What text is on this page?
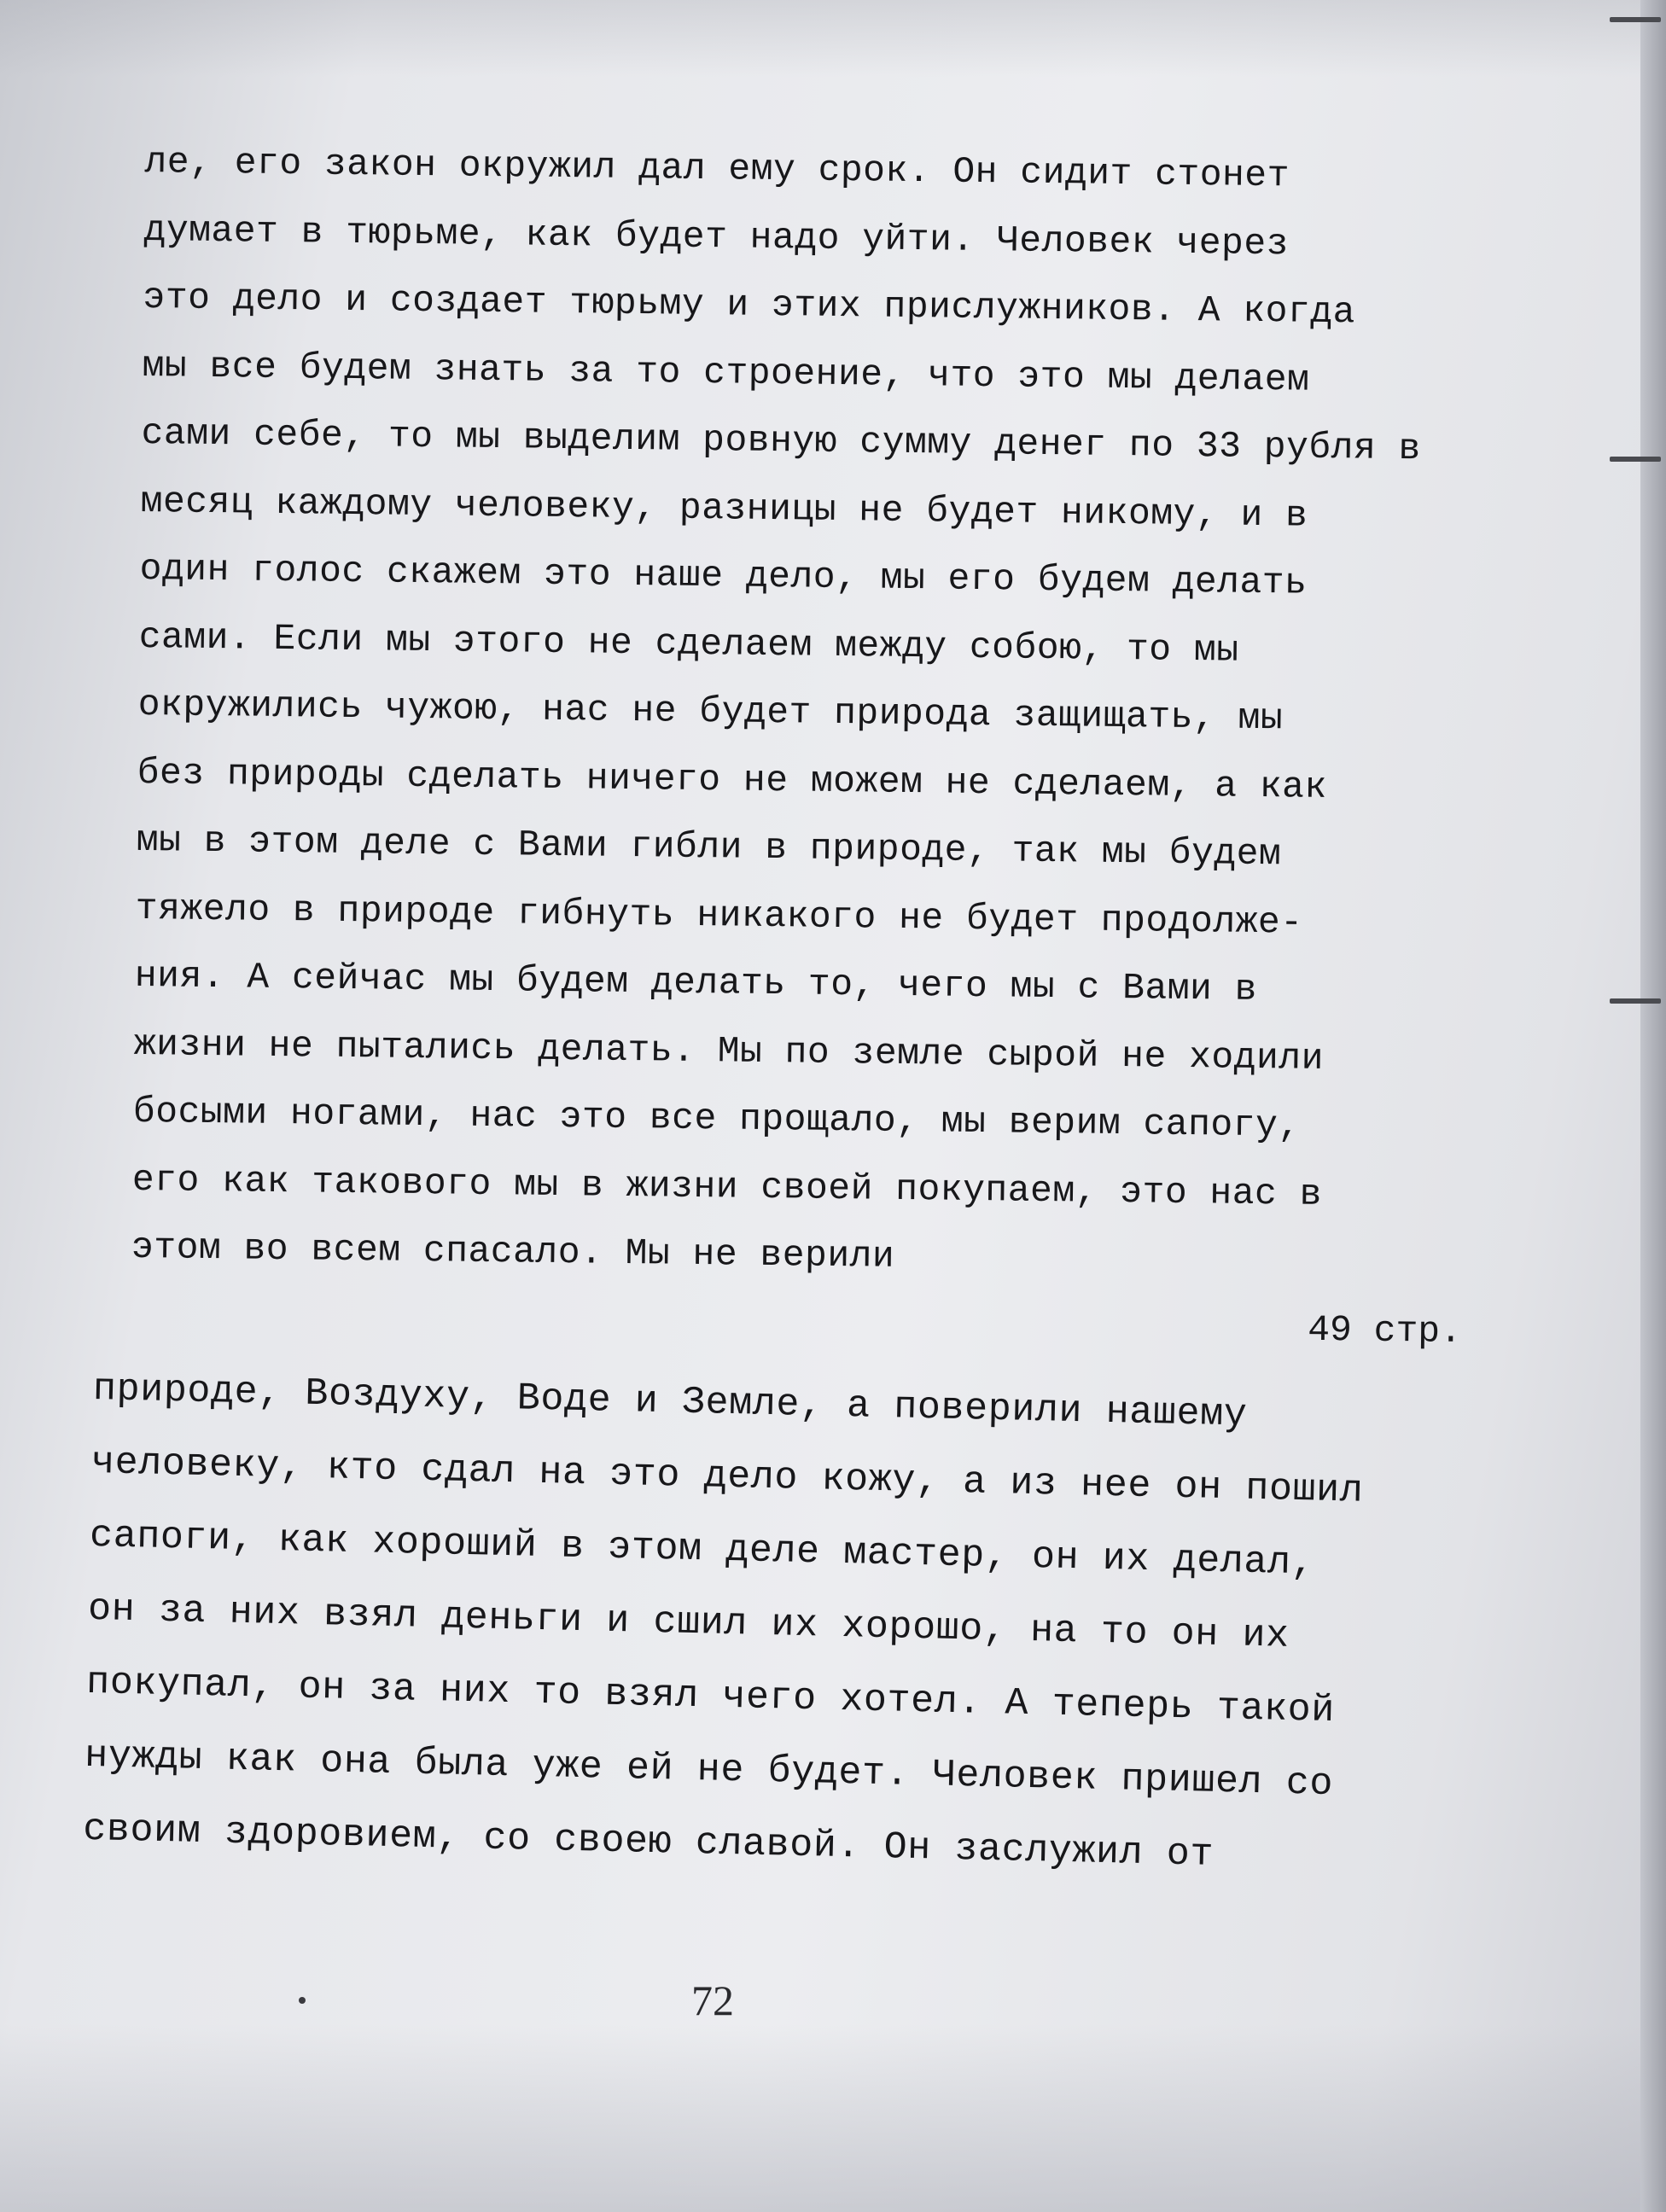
ле, его закон окружил дал ему срок. Он сидит стонет
думает в тюрьме, как будет надо уйти. Человек через
это дело и создает тюрьму и этих прислужников. А когда
мы все будем знать за то строение, что это мы делаем
сами себе, то мы выделим ровную сумму денег по 33 рубля в
месяц каждому человеку, разницы не будет никому, и в
один голос скажем это наше дело, мы его будем делать
сами. Если мы этого не сделаем между собою, то мы
окружились чужою, нас не будет природа защищать, мы
без природы сделать ничего не можем не сделаем, а как
мы в этом деле с Вами гибли в природе, так мы будем
тяжело в природе гибнуть никакого не будет продолже-
ния. А сейчас мы будем делать то, чего мы с Вами в
жизни не пытались делать. Мы по земле сырой не ходили
босыми ногами, нас это все прощало, мы верим сапогу,
его как такового мы в жизни своей покупаем, это нас в
этом во всем спасало. Мы не верили
49 стр.
природе, Воздуху, Воде и Земле, а поверили нашему
человеку, кто сдал на это дело кожу, а из нее он пошил
сапоги, как хороший в этом деле мастер, он их делал,
он за них взял деньги и сшил их хорошо, на то он их
покупал, он за них то взял чего хотел. А теперь такой
нужды как она была уже ей не будет. Человек пришел со
своим здоровием, со своею славой. Он заслужил от
72
